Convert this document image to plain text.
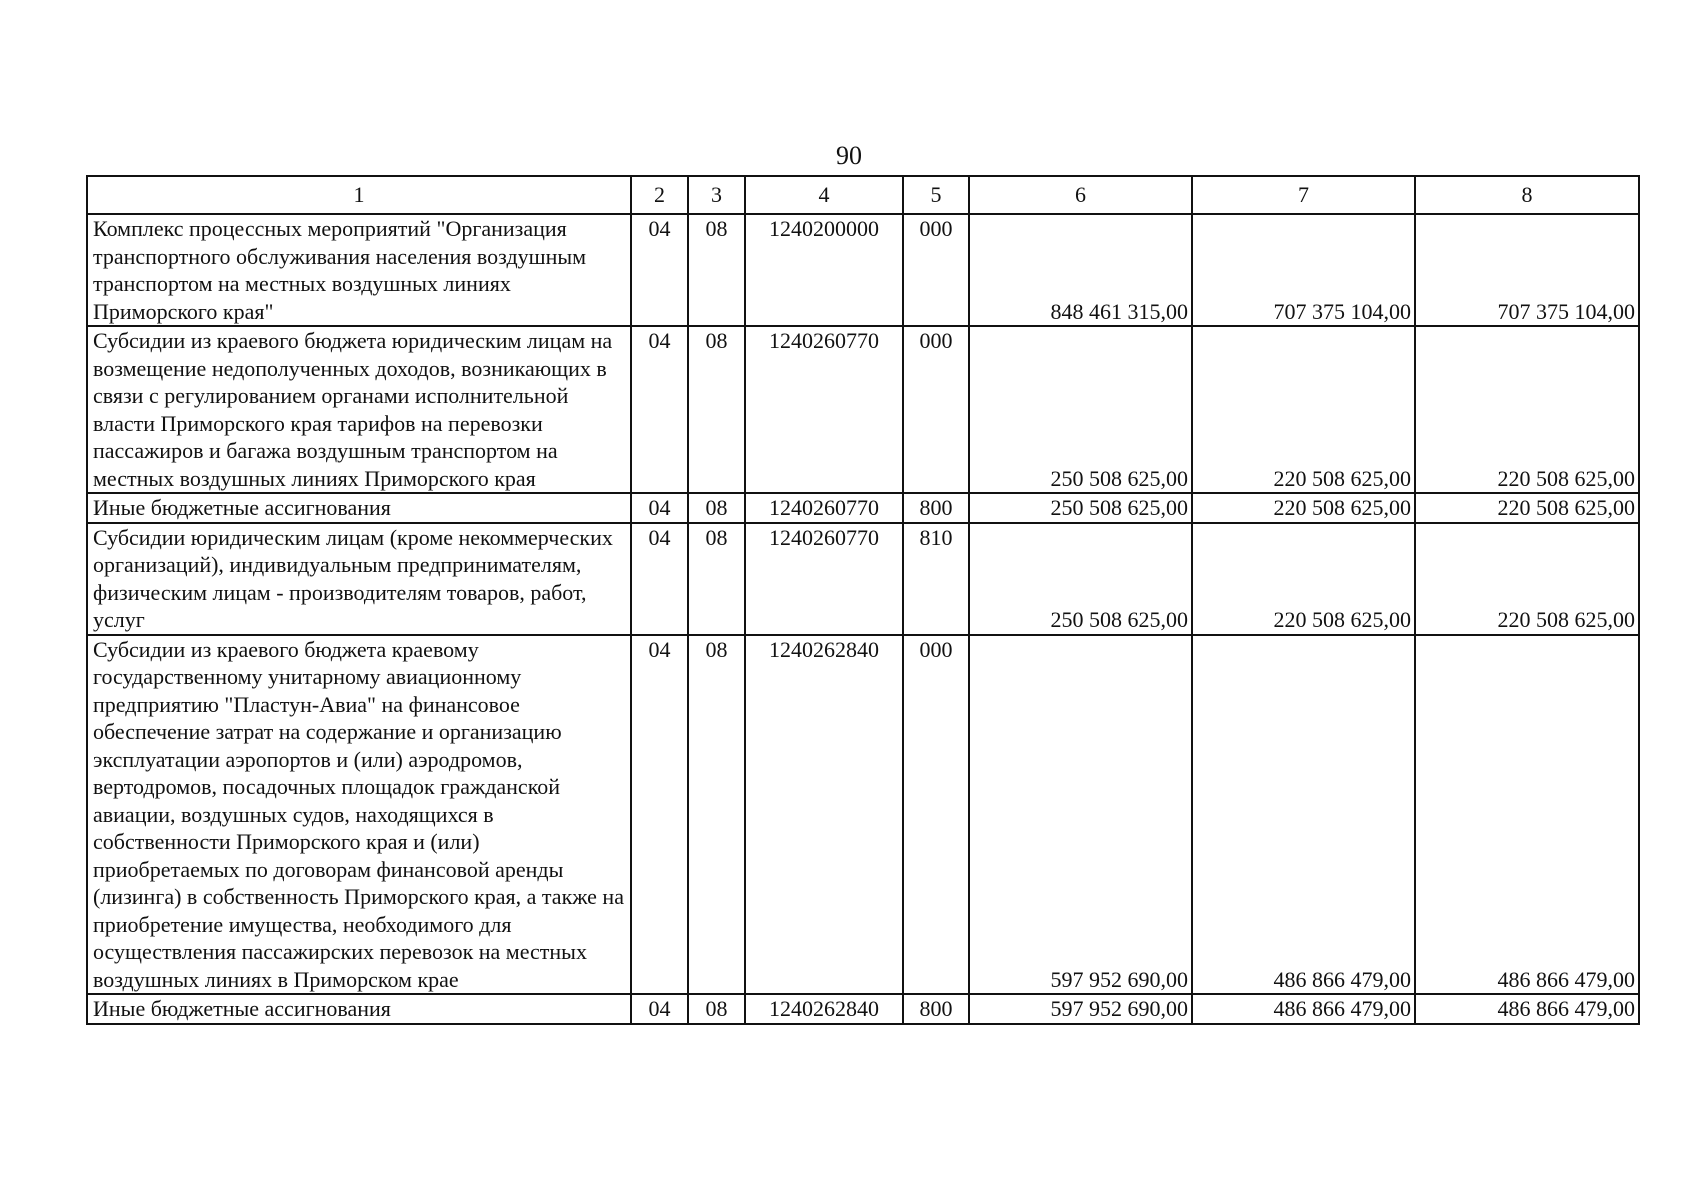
90
1	2	3	4	5	6	7	8
Комплекс процессных мероприятий "Организация транспортного обслуживания населения воздушным транспортом на местных воздушных линиях Приморского края"	04	08	1240200000	000	848 461 315,00	707 375 104,00	707 375 104,00
Субсидии из краевого бюджета юридическим лицам на возмещение недополученных доходов, возникающих в связи с регулированием органами исполнительной власти Приморского края тарифов на перевозки пассажиров и багажа воздушным транспортом на местных воздушных линиях Приморского края	04	08	1240260770	000	250 508 625,00	220 508 625,00	220 508 625,00
Иные бюджетные ассигнования	04	08	1240260770	800	250 508 625,00	220 508 625,00	220 508 625,00
Субсидии юридическим лицам (кроме некоммерческих организаций), индивидуальным предпринимателям, физическим лицам - производителям товаров, работ, услуг	04	08	1240260770	810	250 508 625,00	220 508 625,00	220 508 625,00
Субсидии из краевого бюджета краевому государственному унитарному авиационному предприятию "Пластун-Авиа" на финансовое обеспечение затрат на содержание и организацию эксплуатации аэропортов и (или) аэродромов, вертодромов, посадочных площадок гражданской авиации, воздушных судов, находящихся в собственности Приморского края и (или) приобретаемых по договорам финансовой аренды (лизинга) в собственность Приморского края, а также на приобретение имущества, необходимого для осуществления пассажирских перевозок на местных воздушных линиях в Приморском крае	04	08	1240262840	000	597 952 690,00	486 866 479,00	486 866 479,00
Иные бюджетные ассигнования	04	08	1240262840	800	597 952 690,00	486 866 479,00	486 866 479,00
